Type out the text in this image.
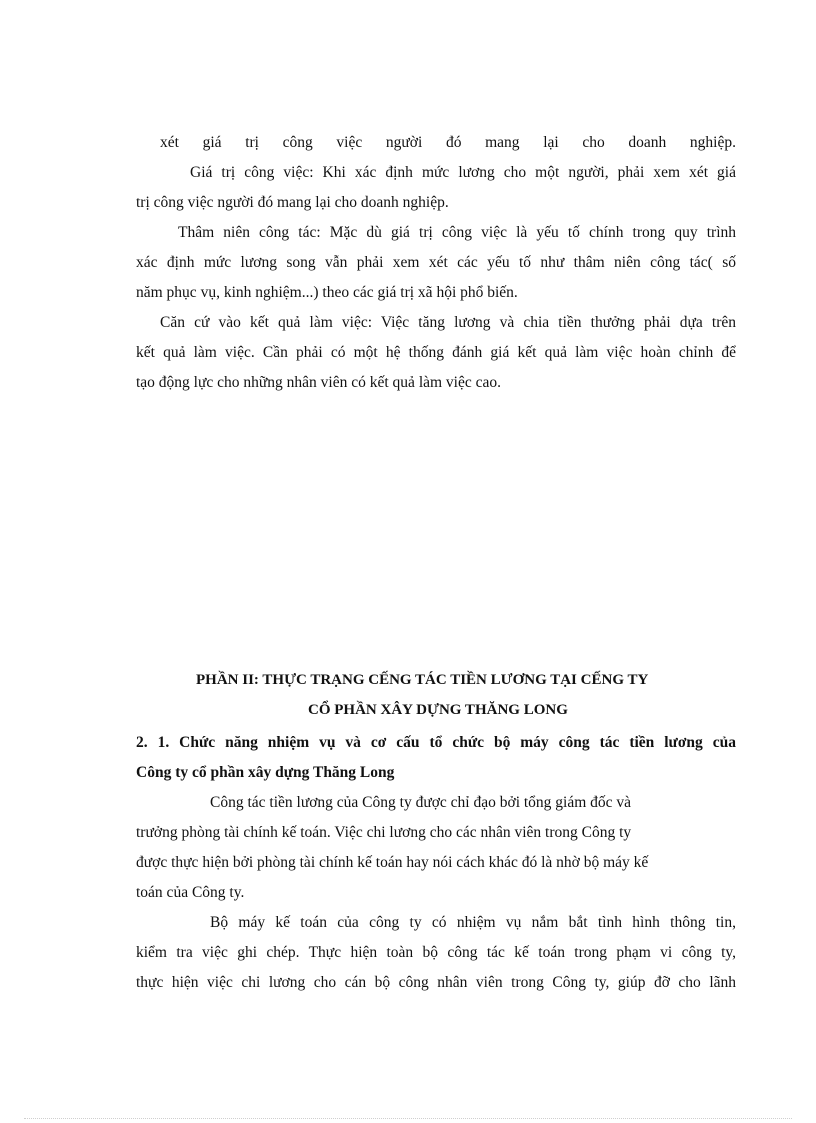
xét giá trị công việc người đó mang lại cho doanh nghiệp.
Giá trị công việc: Khi xác định mức lương cho một người, phải xem xét giá
trị công việc người đó mang lại cho doanh nghiệp.
Thâm niên công tác: Mặc dù giá trị công việc là yếu tố chính trong quy trình
xác định mức lương song vẫn phải xem xét các yếu tố như thâm niên công tác( số
năm phục vụ, kinh nghiệm...) theo các giá trị xã hội phổ biến.
Căn cứ vào kết quả làm việc: Việc tăng lương và chia tiền thưởng phải dựa trên
kết quả làm việc. Cần phải có một hệ thống đánh giá kết quả làm việc hoàn chỉnh để
tạo động lực cho những nhân viên có kết quả làm việc cao.
PHẦN II: THỰC TRẠNG CẾNG TÁC TIỀN LƯƠNG TẠI CẾNG TY
CỔ PHẦN XÂY DỰNG THĂNG LONG
2. 1. Chức năng nhiệm vụ và cơ cấu tổ chức bộ máy công tác tiền lương của
Công ty cổ phần xây dựng Thăng Long
Công tác tiền lương của Công ty được chỉ đạo bởi tổng giám đốc và
trưởng phòng tài chính kế toán. Việc chi lương cho các nhân viên trong Công ty
được thực hiện bởi phòng tài chính kế toán hay nói cách khác đó là nhờ bộ máy kế
toán của Công ty.
Bộ máy kế toán của công ty có nhiệm vụ nắm bắt tình hình thông tin,
kiểm tra việc ghi chép. Thực hiện toàn bộ công tác kế toán trong phạm vi công ty,
thực hiện việc chi lương cho cán bộ công nhân viên trong Công ty, giúp đỡ cho lãnh
